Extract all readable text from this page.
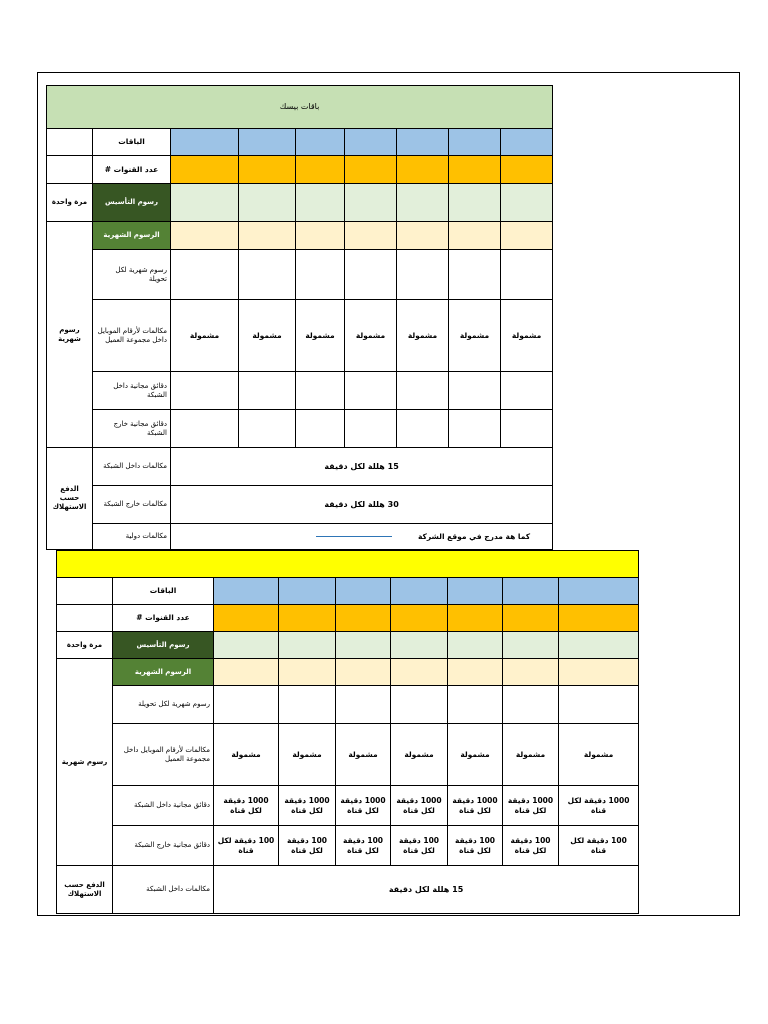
باقات بيسك								
	الباقات							
	عدد القنوات #							
مرة واحدة	رسوم التأسيس							
رسوم شهرية	الرسوم الشهرية							
	رسوم شهرية لكل تحويلة							
	مكالمات لأرقام الموبايل داخل مجموعة العميل	مشمولة	مشمولة	مشمولة	مشمولة	مشمولة	مشمولة	مشمولة
	دقائق مجانية داخل الشبكة							
	دقائق مجانية خارج الشبكة							
الدفع حسب الاستهلاك	مكالمات داخل الشبكة	15 هللة لكل دقيقة						
	مكالمات خارج الشبكة	30 هللة لكل دقيقة						
	مكالمات دولية	كما هة مدرج في موقع الشركة						

	الباقات							
	عدد القنوات #							
مرة واحدة	رسوم التأسيس							
رسوم شهرية	الرسوم الشهرية							
	رسوم شهرية لكل تحويلة							
	مكالمات لأرقام الموبايل داخل مجموعة العميل	مشمولة	مشمولة	مشمولة	مشمولة	مشمولة	مشمولة	مشمولة
	دقائق مجانية داخل الشبكة	1000 دقيقة لكل قناة	1000 دقيقة لكل قناة	1000 دقيقة لكل قناة	1000 دقيقة لكل قناة	1000 دقيقة لكل قناة	1000 دقيقة لكل قناة	1000 دقيقة لكل قناة
	دقائق مجانية خارج الشبكة	100 دقيقة لكل قناة	100 دقيقة لكل قناة	100 دقيقة لكل قناة	100 دقيقة لكل قناة	100 دقيقة لكل قناة	100 دقيقة لكل قناة	100 دقيقة لكل قناة
الدفع حسب الاستهلاك	مكالمات داخل الشبكة	15 هللة لكل دقيقة						
